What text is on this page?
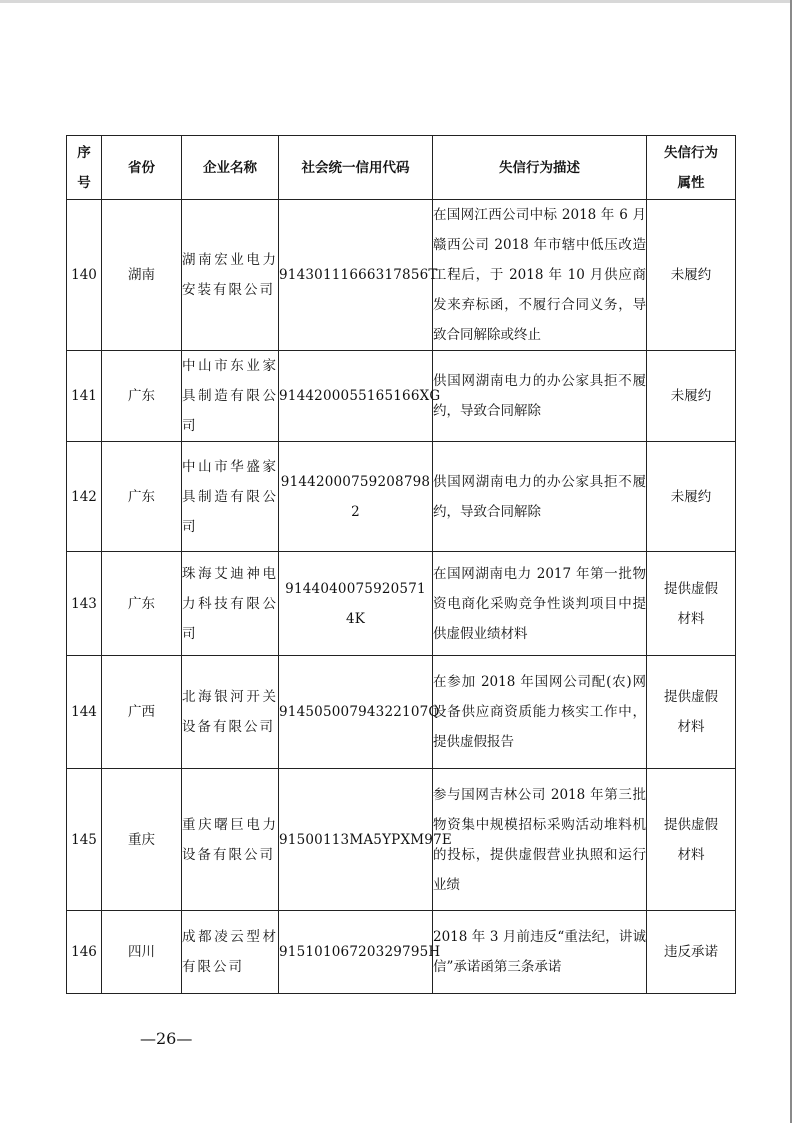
序号	省份	企业名称	社会统一信用代码	失信行为描述	失信行为属性
140	湖南	湖南宏业电力安装有限公司	91430111666317856T	在国网江西公司中标 2018 年 6 月赣西公司 2018 年市辖中低压改造工程后，于 2018 年 10 月供应商发来弃标函，不履行合同义务，导致合同解除或终止	未履约
141	广东	中山市东业家具制造有限公司	9144200055165166XG	供国网湖南电力的办公家具拒不履约，导致合同解除	未履约
142	广东	中山市华盛家具制造有限公司	91442000759208798 2	供国网湖南电力的办公家具拒不履约，导致合同解除	未履约
143	广东	珠海艾迪神电力科技有限公司	9144040075920571 4K	在国网湖南电力 2017 年第一批物资电商化采购竞争性谈判项目中提供虚假业绩材料	提供虚假材料
144	广西	北海银河开关设备有限公司	91450500794322107Q	在参加 2018 年国网公司配(农)网设备供应商资质能力核实工作中，提供虚假报告	提供虚假材料
145	重庆	重庆曙巨电力设备有限公司	91500113MA5YPXM97E	参与国网吉林公司 2018 年第三批物资集中规模招标采购活动堆料机的投标，提供虚假营业执照和运行业绩	提供虚假材料
146	四川	成都凌云型材有限公司	91510106720329795H	2018 年 3 月前违反“重法纪，讲诚信”承诺函第三条承诺	违反承诺
—26—
